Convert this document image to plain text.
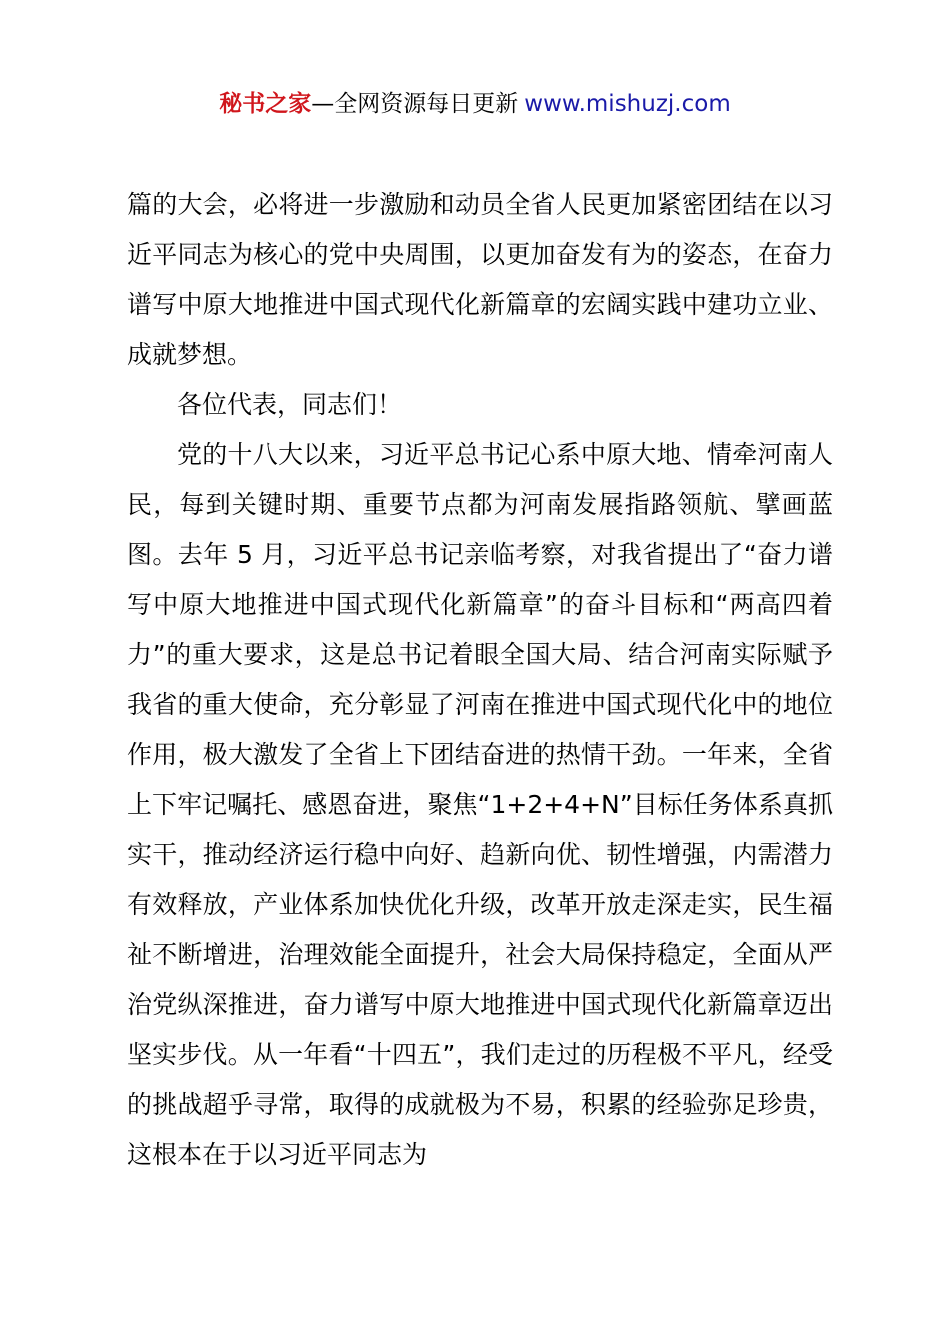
秘书之家—全网资源每日更新 www.mishuzj.com

篇的大会，必将进一步激励和动员全省人民更加紧密团结在以习近平同志为核心的党中央周围，以更加奋发有为的姿态，在奋力谱写中原大地推进中国式现代化新篇章的宏阔实践中建功立业、成就梦想。

各位代表，同志们！

党的十八大以来，习近平总书记心系中原大地、情牵河南人民，每到关键时期、重要节点都为河南发展指路领航、擘画蓝图。去年 5 月，习近平总书记亲临考察，对我省提出了“奋力谱写中原大地推进中国式现代化新篇章”的奋斗目标和“两高四着力”的重大要求，这是总书记着眼全国大局、结合河南实际赋予我省的重大使命，充分彰显了河南在推进中国式现代化中的地位作用，极大激发了全省上下团结奋进的热情干劲。一年来，全省上下牢记嘱托、感恩奋进，聚焦“1+2+4+N”目标任务体系真抓实干，推动经济运行稳中向好、趋新向优、韧性增强，内需潜力有效释放，产业体系加快优化升级，改革开放走深走实，民生福祉不断增进，治理效能全面提升，社会大局保持稳定，全面从严治党纵深推进，奋力谱写中原大地推进中国式现代化新篇章迈出坚实步伐。从一年看“十四五”，我们走过的历程极不平凡，经受的挑战超乎寻常，取得的成就极为不易，积累的经验弥足珍贵，这根本在于以习近平同志为
